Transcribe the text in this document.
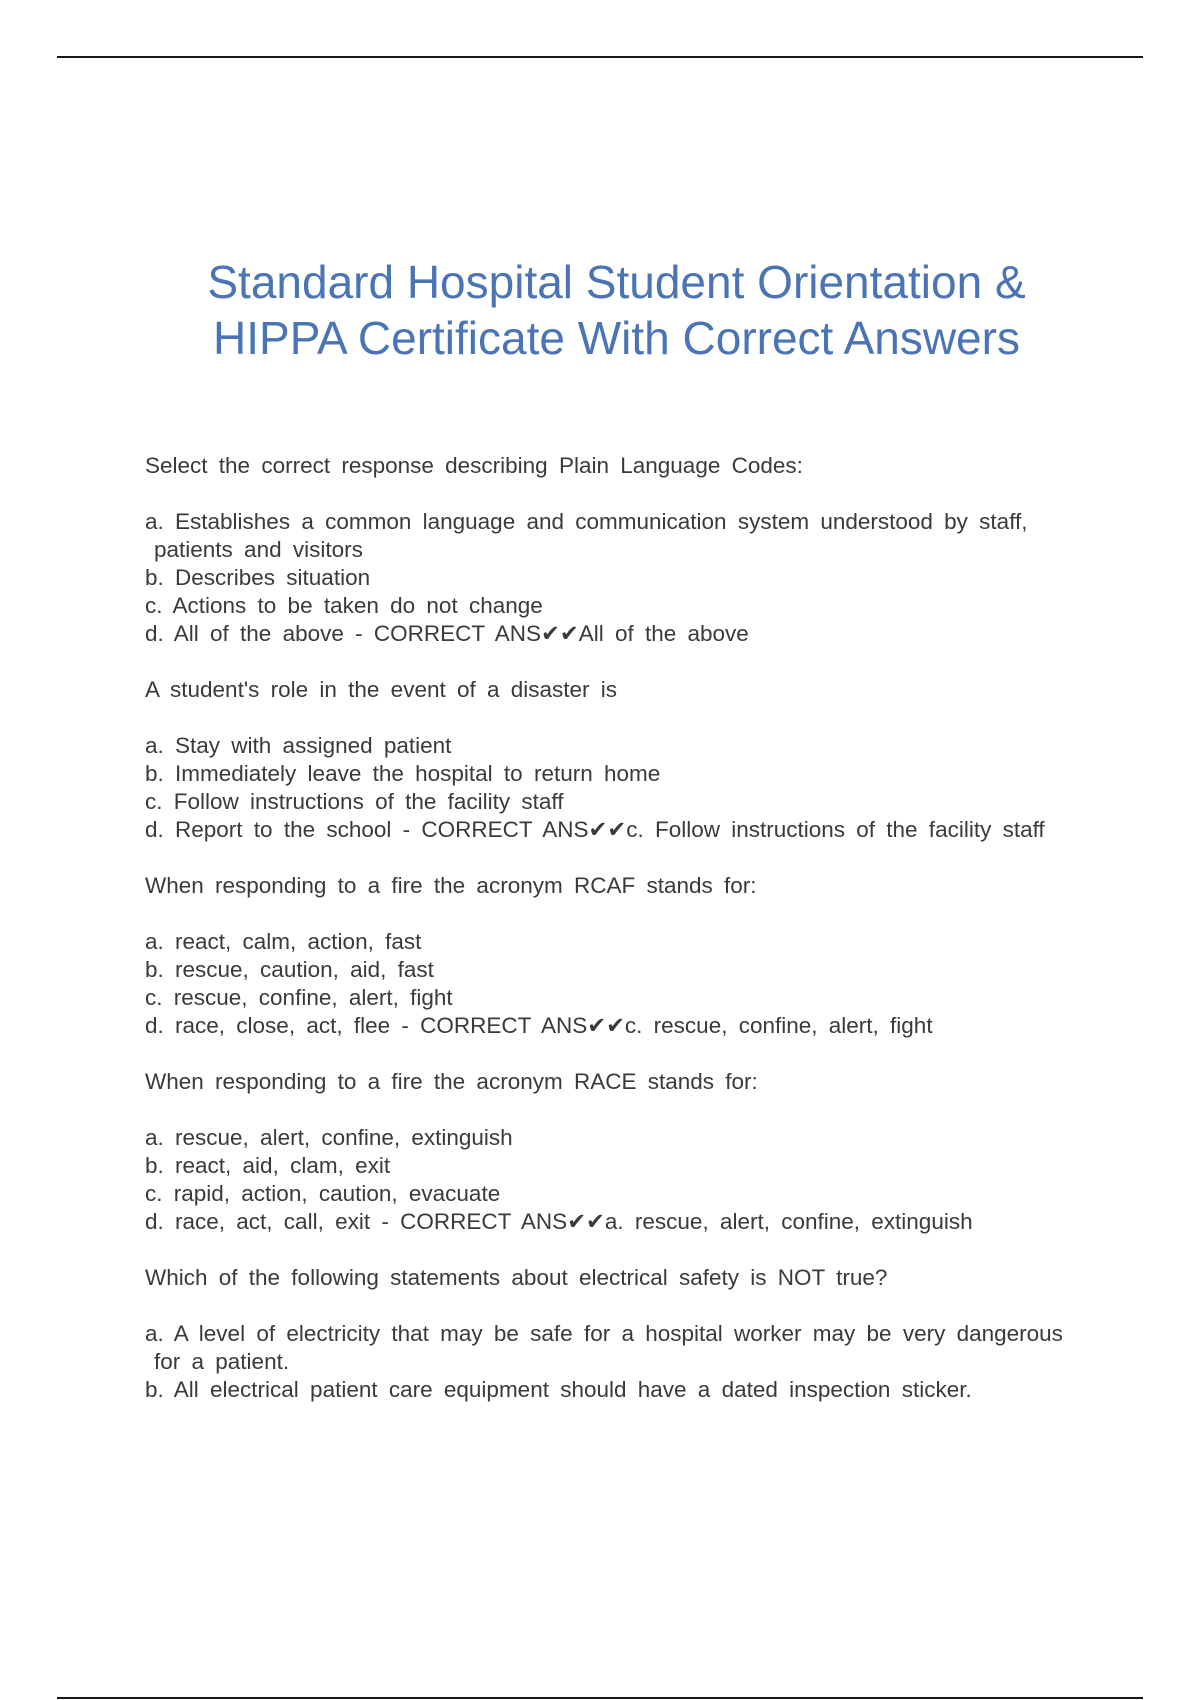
Standard Hospital Student Orientation &
HIPPA Certificate With Correct Answers

Select the correct response describing Plain Language Codes:

a. Establishes a common language and communication system understood by staff, patients and visitors
b. Describes situation
c. Actions to be taken do not change
d. All of the above - CORRECT ANS✔✔All of the above

A student's role in the event of a disaster is

a. Stay with assigned patient
b. Immediately leave the hospital to return home
c. Follow instructions of the facility staff
d. Report to the school - CORRECT ANS✔✔c. Follow instructions of the facility staff

When responding to a fire the acronym RCAF stands for:

a. react, calm, action, fast
b. rescue, caution, aid, fast
c. rescue, confine, alert, fight
d. race, close, act, flee - CORRECT ANS✔✔c. rescue, confine, alert, fight

When responding to a fire the acronym RACE stands for:

a. rescue, alert, confine, extinguish
b. react, aid, clam, exit
c. rapid, action, caution, evacuate
d. race, act, call, exit - CORRECT ANS✔✔a. rescue, alert, confine, extinguish

Which of the following statements about electrical safety is NOT true?

a. A level of electricity that may be safe for a hospital worker may be very dangerous for a patient.
b. All electrical patient care equipment should have a dated inspection sticker.
